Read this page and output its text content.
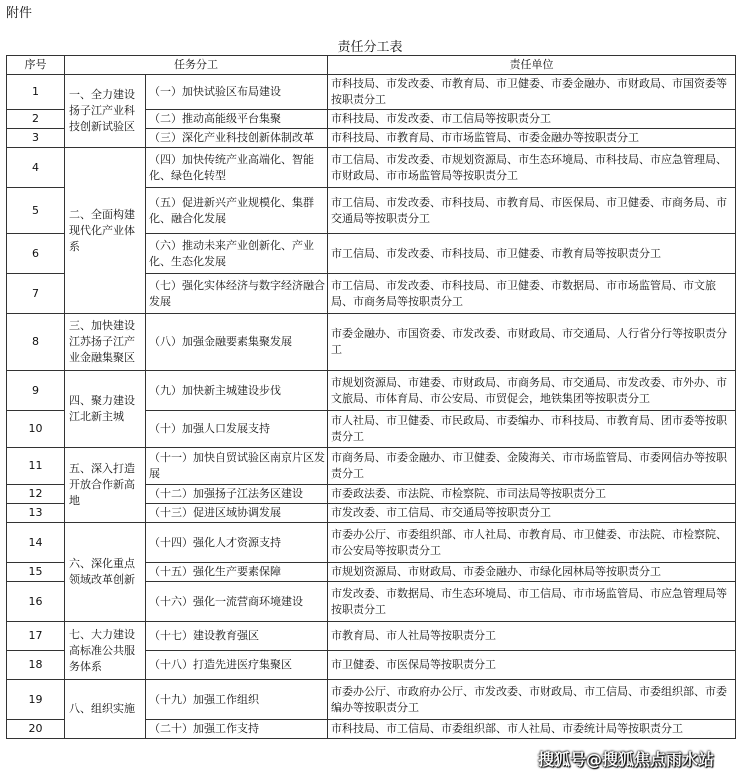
附件
责任分工表
序号	任务分工		责任单位
1	一、全力建设扬子江产业科技创新试验区	（一）加快试验区布局建设	市科技局、市发改委、市教育局、市卫健委、市委金融办、市财政局、市国资委等按职责分工
2		（二）推动高能级平台集聚	市科技局、市发改委、市工信局等按职责分工
3		（三）深化产业科技创新体制改革	市科技局、市教育局、市市场监管局、市委金融办等按职责分工
4	二、全面构建现代化产业体系	（四）加快传统产业高端化、智能化、绿色化转型	市工信局、市发改委、市规划资源局、市生态环境局、市科技局、市应急管理局、市财政局、市市场监管局等按职责分工
5		（五）促进新兴产业规模化、集群化、融合化发展	市工信局、市发改委、市科技局、市教育局、市医保局、市卫健委、市商务局、市交通局等按职责分工
6		（六）推动未来产业创新化、产业化、生态化发展	市工信局、市发改委、市科技局、市卫健委、市教育局等按职责分工
7		（七）强化实体经济与数字经济融合发展	市工信局、市发改委、市科技局、市卫健委、市数据局、市市场监管局、市文旅局、市商务局等按职责分工
8	三、加快建设江苏扬子江产业金融集聚区	（八）加强金融要素集聚发展	市委金融办、市国资委、市发改委、市财政局、市交通局、人行省分行等按职责分工
9	四、聚力建设江北新主城	（九）加快新主城建设步伐	市规划资源局、市建委、市财政局、市商务局、市交通局、市发改委、市外办、市文旅局、市体育局、市公安局、市贸促会，地铁集团等按职责分工
10		（十）加强人口发展支持	市人社局、市卫健委、市民政局、市委编办、市科技局、市教育局、团市委等按职责分工
11	五、深入打造开放合作新高地	（十一）加快自贸试验区南京片区发展	市商务局、市委金融办、市卫健委、金陵海关、市市场监管局、市委网信办等按职责分工
12		（十二）加强扬子江法务区建设	市委政法委、市法院、市检察院、市司法局等按职责分工
13		（十三）促进区域协调发展	市发改委、市工信局、市交通局等按职责分工
14	六、深化重点领域改革创新	（十四）强化人才资源支持	市委办公厅、市委组织部、市人社局、市教育局、市卫健委、市法院、市检察院、市公安局等按职责分工
15		（十五）强化生产要素保障	市规划资源局、市财政局、市委金融办、市绿化园林局等按职责分工
16		（十六）强化一流营商环境建设	市发改委、市数据局、市生态环境局、市工信局、市市场监管局、市应急管理局等按职责分工
17	七、大力建设高标准公共服务体系	（十七）建设教育强区	市教育局、市人社局等按职责分工
18		（十八）打造先进医疗集聚区	市卫健委、市医保局等按职责分工
19	八、组织实施	（十九）加强工作组织	市委办公厅、市政府办公厅、市发改委、市财政局、市工信局、市委组织部、市委编办等按职责分工
20		（二十）加强工作支持	市科技局、市工信局、市委组织部、市人社局、市委统计局等按职责分工
搜狐号@搜狐焦点雨水站
